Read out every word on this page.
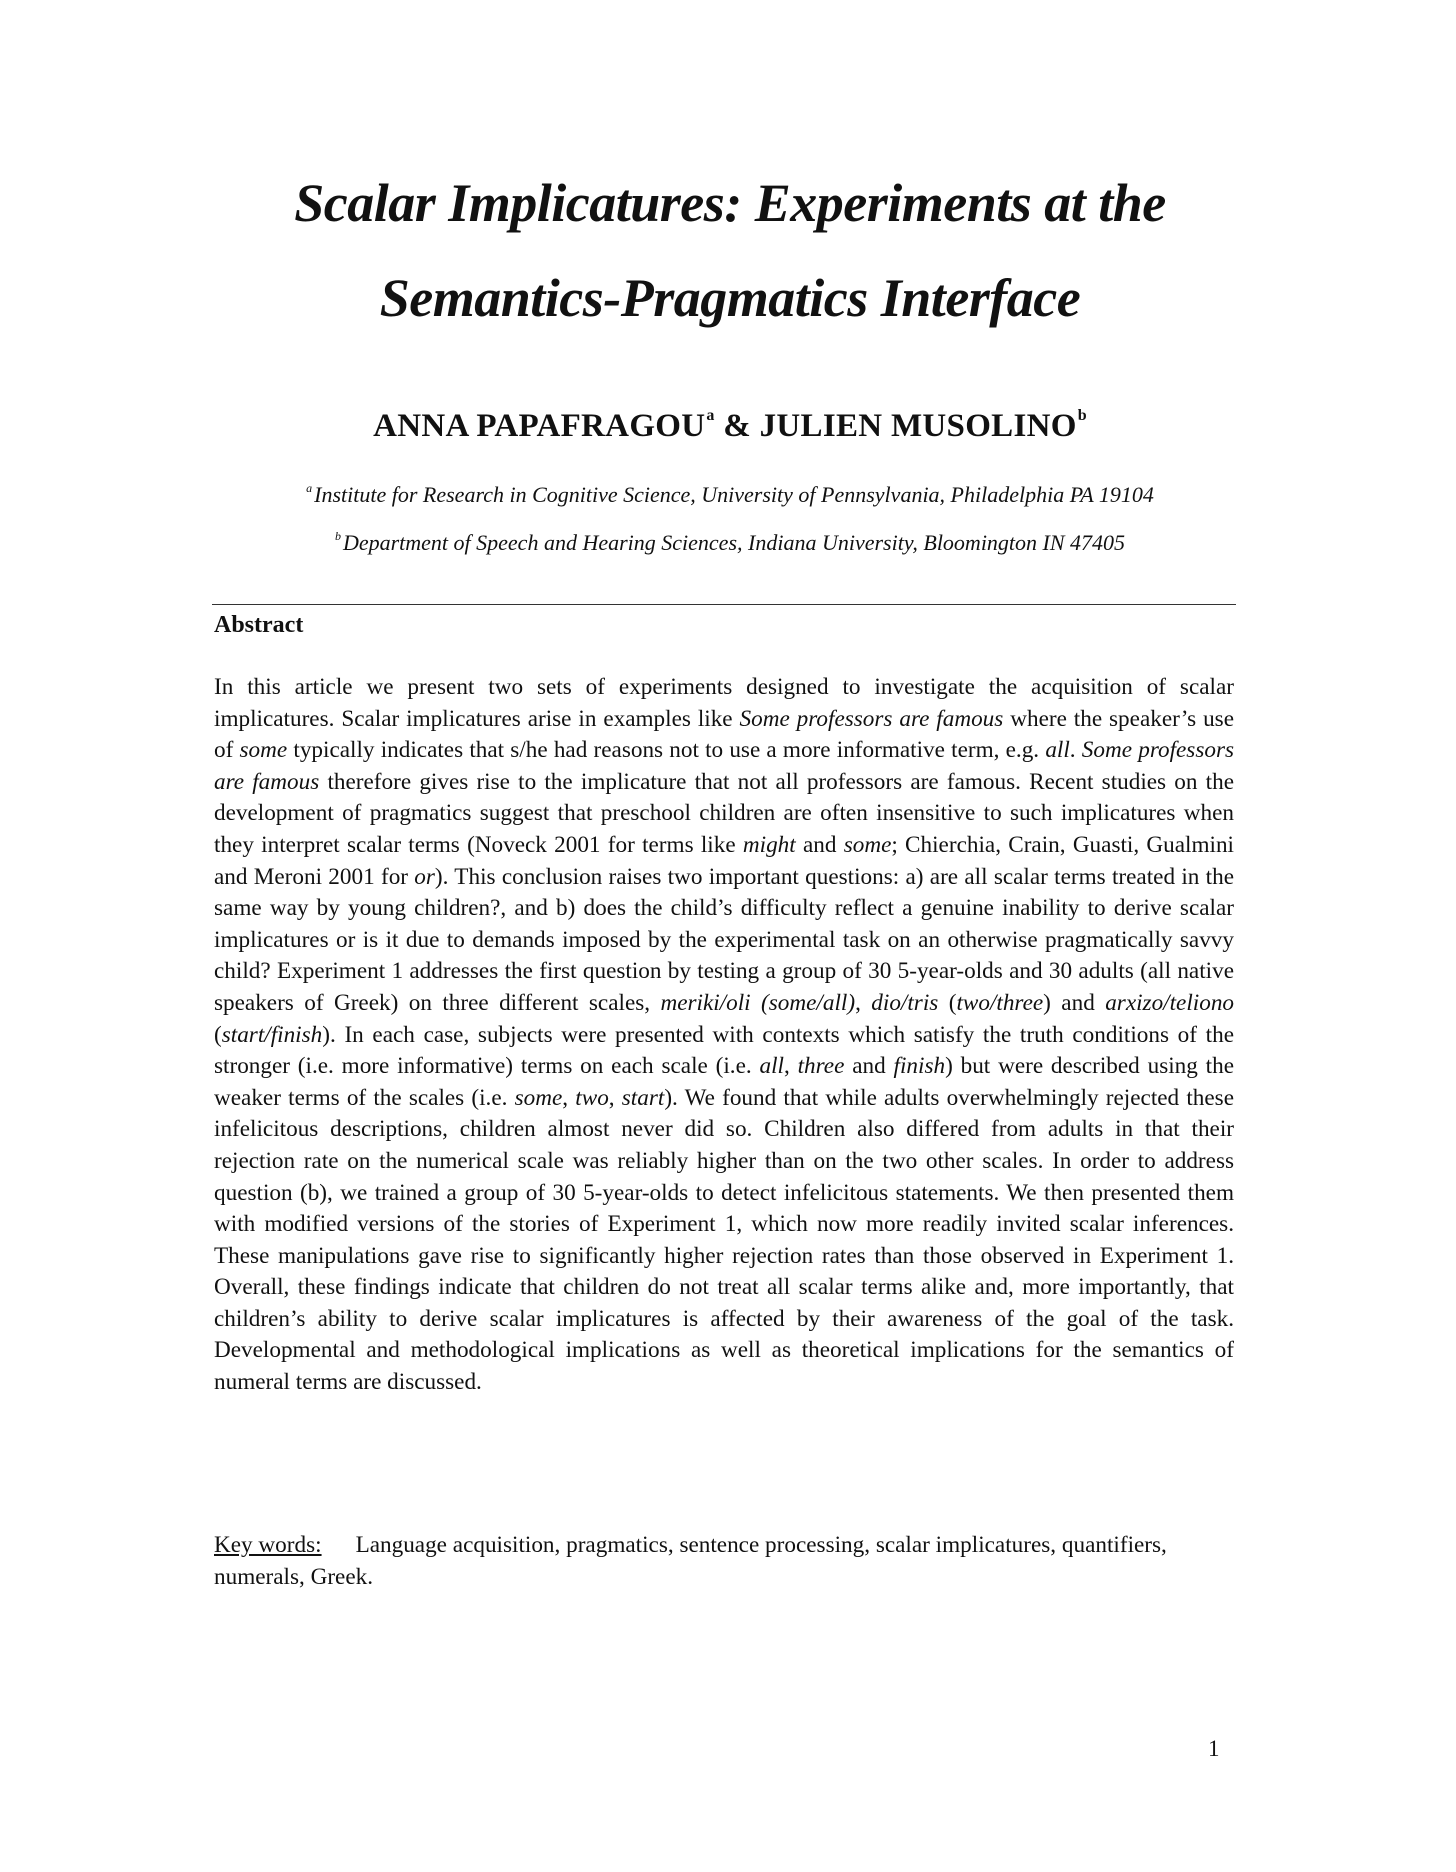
Scalar Implicatures: Experiments at the
Semantics-Pragmatics Interface
ANNA PAPAFRAGOU$^a$ & JULIEN MUSOLINO$^b$
$^a$Institute for Research in Cognitive Science, University of Pennsylvania, Philadelphia PA 19104
$^b$Department of Speech and Hearing Sciences, Indiana University, Bloomington IN 47405
Abstract

In this article we present two sets of experiments designed to investigate the acquisition of scalar implicatures. Scalar implicatures arise in examples like Some professors are famous where the speaker’s use of some typically indicates that s/he had reasons not to use a more informative term, e.g. all. Some professors are famous therefore gives rise to the implicature that not all professors are famous. Recent studies on the development of pragmatics suggest that preschool children are often insensitive to such implicatures when they interpret scalar terms (Noveck 2001 for terms like might and some; Chierchia, Crain, Guasti, Gualmini and Meroni 2001 for or). This conclusion raises two important questions: a) are all scalar terms treated in the same way by young children?, and b) does the child’s difficulty reflect a genuine inability to derive scalar implicatures or is it due to demands imposed by the experimental task on an otherwise pragmatically savvy child? Experiment 1 addresses the first question by testing a group of 30 5-year-olds and 30 adults (all native speakers of Greek) on three different scales, meriki/oli (some/all), dio/tris (two/three) and arxizo/teliono (start/finish). In each case, subjects were presented with contexts which satisfy the truth conditions of the stronger (i.e. more informative) terms on each scale (i.e. all, three and finish) but were described using the weaker terms of the scales (i.e. some, two, start). We found that while adults overwhelmingly rejected these infelicitous descriptions, children almost never did so. Children also differed from adults in that their rejection rate on the numerical scale was reliably higher than on the two other scales. In order to address question (b), we trained a group of 30 5-year-olds to detect infelicitous statements. We then presented them with modified versions of the stories of Experiment 1, which now more readily invited scalar inferences. These manipulations gave rise to significantly higher rejection rates than those observed in Experiment 1. Overall, these findings indicate that children do not treat all scalar terms alike and, more importantly, that children’s ability to derive scalar implicatures is affected by their awareness of the goal of the task. Developmental and methodological implications as well as theoretical implications for the semantics of numeral terms are discussed.

Key words: Language acquisition, pragmatics, sentence processing, scalar implicatures, quantifiers, numerals, Greek.
1
